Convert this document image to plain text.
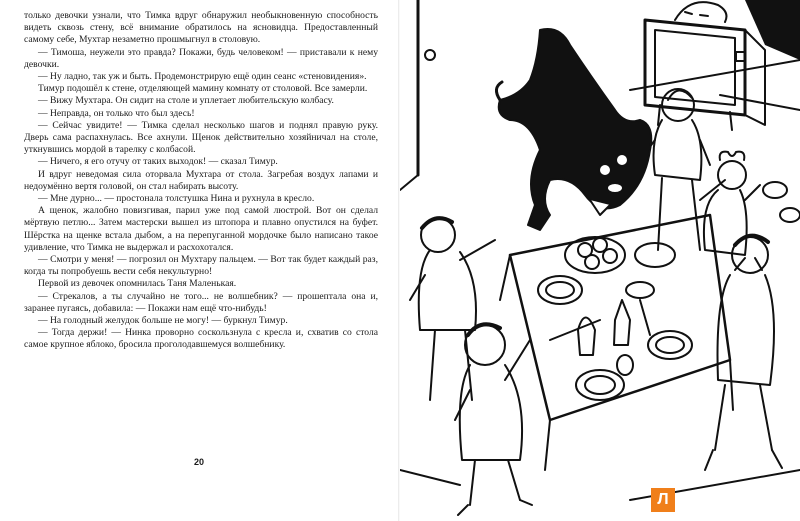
только девочки узнали, что Тимка вдруг обнаружил необыкновенную способность видеть сквозь стену, всё внимание обратилось на ясновидца. Предоставленный самому себе, Мухтар незаметно прошмыгнул в столовую.

— Тимоша, неужели это правда? Покажи, будь человеком! — приставали к нему девочки.

— Ну ладно, так уж и быть. Продемонстрирую ещё один сеанс «стеновидения».

Тимур подошёл к стене, отделяющей мамину комнату от столовой. Все замерли.

— Вижу Мухтара. Он сидит на столе и уплетает любительскую колбасу.

— Неправда, он только что был здесь!

— Сейчас увидите! — Тимка сделал несколько шагов и поднял правую руку. Дверь сама распахнулась. Все ахнули. Щенок действительно хозяйничал на столе, уткнувшись мордой в тарелку с колбасой.

— Ничего, я его отучу от таких выходок! — сказал Тимур.

И вдруг неведомая сила оторвала Мухтара от стола. Загребая воздух лапами и недоумённо вертя головой, он стал набирать высоту.

— Мне дурно... — простонала толстушка Нина и рухнула в кресло.

А щенок, жалобно повизгивая, парил уже под самой люстрой. Вот он сделал мёртвую петлю... Затем мастерски вышел из штопора и плавно опустился на буфет. Шёрстка на щенке встала дыбом, а на перепуганной мордочке было написано такое удивление, что Тимка не выдержал и расхохотался.

— Смотри у меня! — погрозил он Мухтару пальцем. — Вот так будет каждый раз, когда ты попробуешь вести себя некультурно!

Первой из девочек опомнилась Таня Маленькая.

— Стрекалов, а ты случайно не того... не волшебник? — прошептала она и, заранее пугаясь, добавила: — Покажи нам ещё что-нибудь!

— На голодный желудок больше не могу! — буркнул Тимур.

— Тогда держи! — Нинка проворно соскользнула с кресла и, схватив со стола самое крупное яблоко, бросила проголодавшемуся волшебнику.

20
Л
